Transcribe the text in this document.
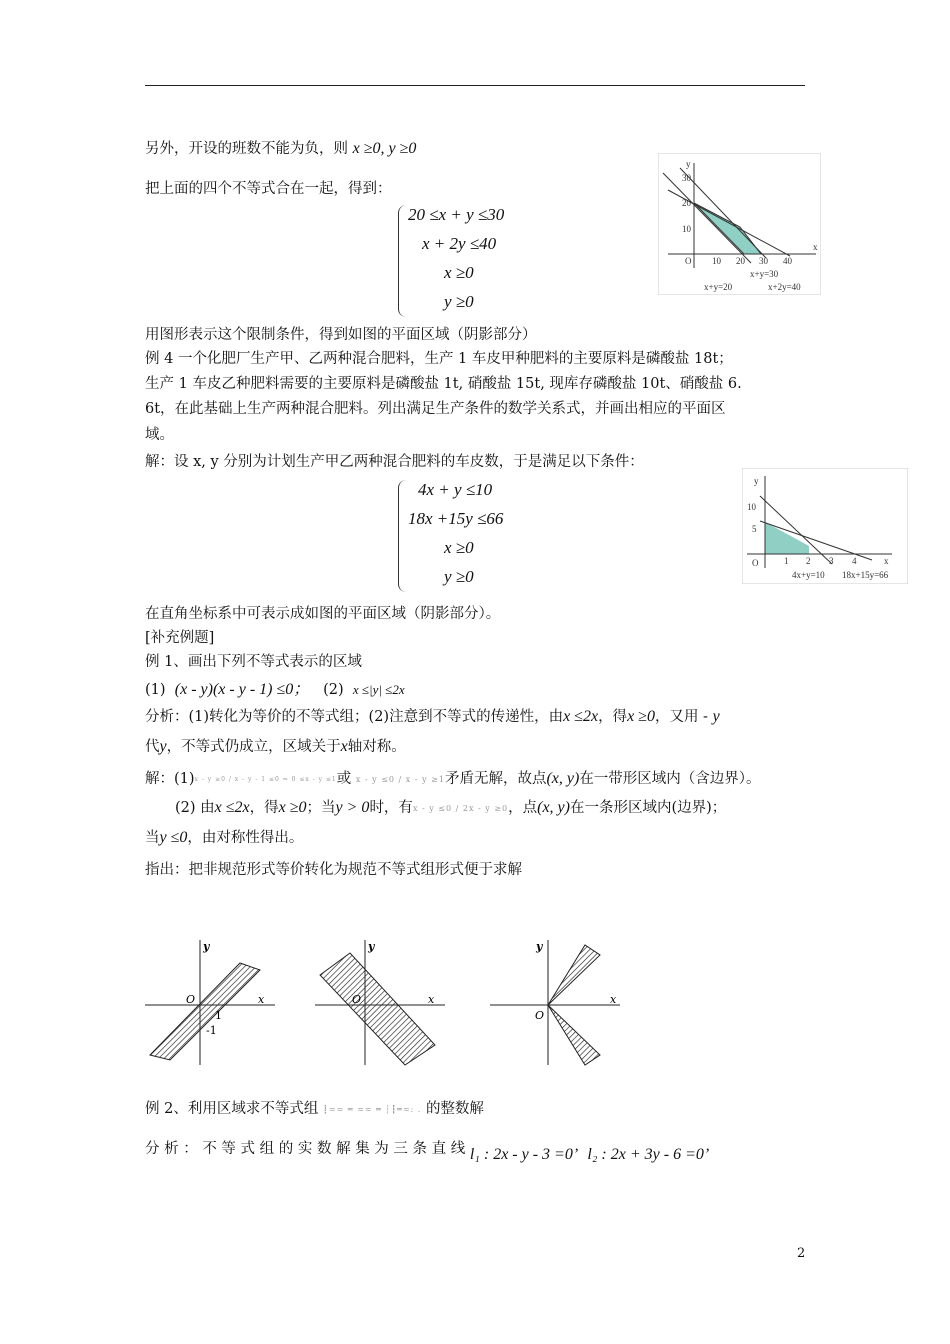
另外，开设的班数不能为负，则 x ≥0, y ≥0
把上面的四个不等式合在一起，得到：
20 ≤x + y ≤30
x + 2y ≤40
x ≥0
y ≥0
y
x
O
30
20
10
10 20 30 40
x+y=30
x+y=20	x+2y=40
用图形表示这个限制条件，得到如图的平面区域（阴影部分）
例 4 一个化肥厂生产甲、乙两种混合肥料，生产 1 车皮甲种肥料的主要原料是磷酸盐 18t；
生产 1 车皮乙种肥料需要的主要原料是磷酸盐 1t, 硝酸盐 15t, 现库存磷酸盐 10t、硝酸盐 6.
6t，在此基础上生产两种混合肥料。列出满足生产条件的数学关系式，并画出相应的平面区
域。
解：设 x, y 分别为计划生产甲乙两种混合肥料的车皮数，于是满足以下条件：
4x + y ≤10
18x +15y ≤66
x ≥0
y ≥0
y
x
O
10
5
1 2 3 4
4x+y=10 18x+15y=66
在直角坐标系中可表示成如图的平面区域（阴影部分）。
[补充例题]
例 1、画出下列不等式表示的区域
(1) (x - y)(x - y - 1) ≤0； (2) x ≤|y| ≤2x
分析：(1)转化为等价的不等式组；(2)注意到不等式的传递性，由x ≤2x，得x ≥0，又用 - y
代y，不等式仍成立，区域关于x轴对称。
解：(1)x - y ≥0 / x - y - 1 ≤0 ⇒ 0 ≤x - y ≤1或 x - y ≤0 / x - y ≥1矛盾无解，故点(x, y)在一带形区域内（含边界）。
(2) 由x ≤2x，得x ≥0；当y > 0时，有x - y ≤0 / 2x - y ≥0，点(x, y)在一条形区域内(边界)；
当y ≤0，由对称性得出。
指出：把非规范形式等价转化为规范不等式组形式便于求解
y
x
O
1
-1
y
x
O
y
x
O
例 2、利用区域求不等式组 ┋≂≂ ═ ≂≂ ═ ┆┇═≂: . 的整数解
分 析 ： 不 等 式 组 的 实 数 解 集 为 三 条 直 线 l₁ : 2x - y - 3 =0’ l₂ : 2x + 3y - 6 =0’
2
